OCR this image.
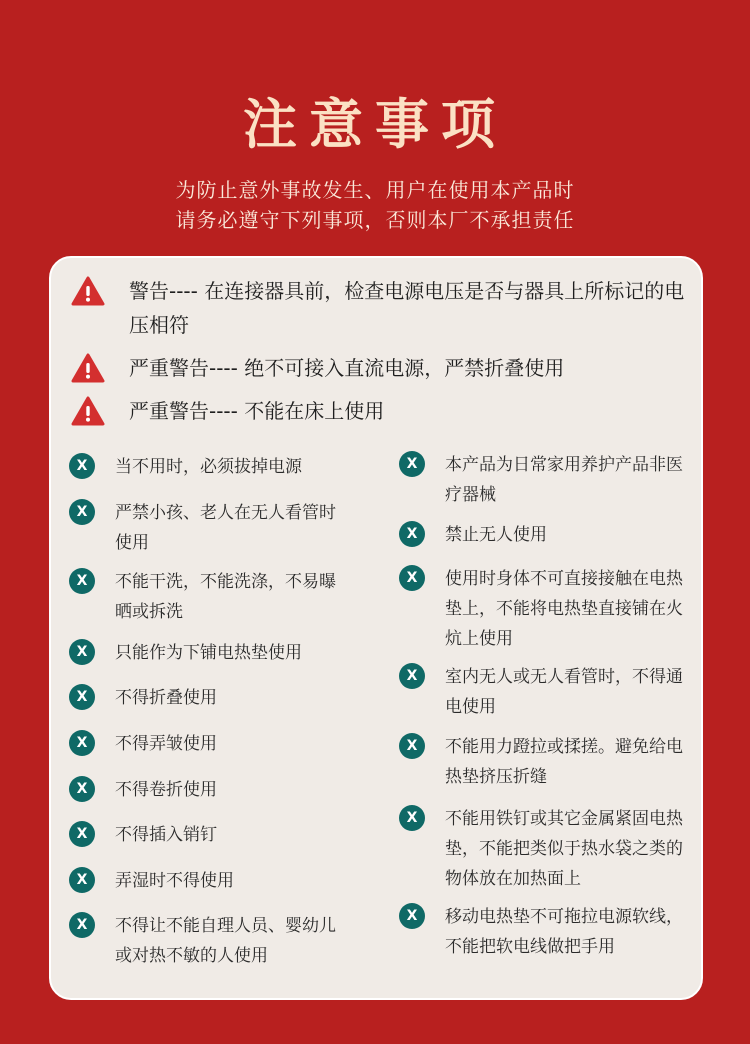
注意事项
为防止意外事故发生、用户在使用本产品时
请务必遵守下列事项，否则本厂不承担责任
警告---- 在连接器具前，检查电源电压是否与器具上所标记的电压相符
严重警告---- 绝不可接入直流电源，严禁折叠使用
严重警告---- 不能在床上使用
X	当不用时，必须拔掉电源
X	严禁小孩、老人在无人看管时使用
X	不能干洗，不能洗涤，不易曝晒或拆洗
X	只能作为下铺电热垫使用
X	不得折叠使用
X	不得弄皱使用
X	不得卷折使用
X	不得插入销钉
X	弄湿时不得使用
X	不得让不能自理人员、婴幼儿或对热不敏的人使用
X	本产品为日常家用养护产品非医疗器械
X	禁止无人使用
X	使用时身体不可直接接触在电热垫上，不能将电热垫直接铺在火炕上使用
X	室内无人或无人看管时，不得通电使用
X	不能用力蹬拉或揉搓。避免给电热垫挤压折缝
X	不能用铁钉或其它金属紧固电热垫，不能把类似于热水袋之类的物体放在加热面上
X	移动电热垫不可拖拉电源软线，不能把软电线做把手用
